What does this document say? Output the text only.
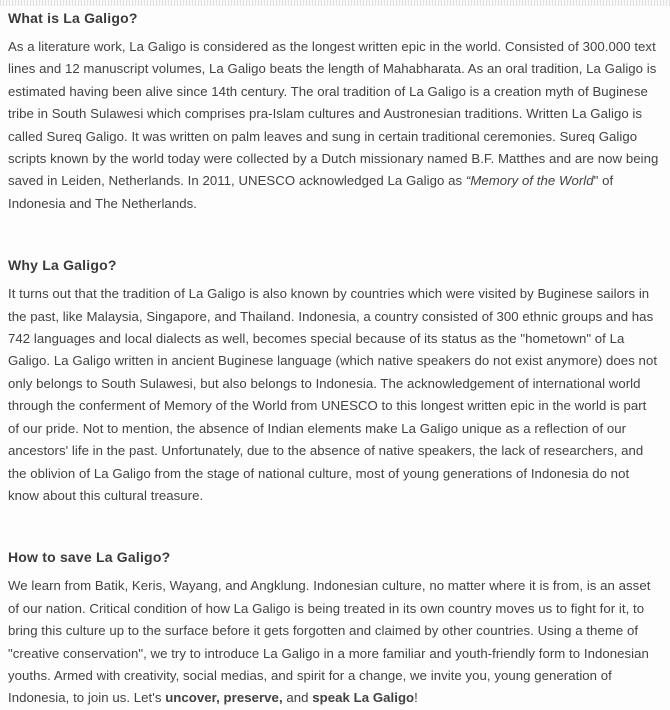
What is La Galigo?

As a literature work, La Galigo is considered as the longest written epic in the world. Consisted of 300.000 text lines and 12 manuscript volumes, La Galigo beats the length of Mahabharata. As an oral tradition, La Galigo is estimated having been alive since 14th century. The oral tradition of La Galigo is a creation myth of Buginese tribe in South Sulawesi which comprises pra-Islam cultures and Austronesian traditions. Written La Galigo is called Sureq Galigo. It was written on palm leaves and sung in certain traditional ceremonies. Sureq Galigo scripts known by the world today were collected by a Dutch missionary named B.F. Matthes and are now being saved in Leiden, Netherlands. In 2011, UNESCO acknowledged La Galigo as “Memory of the World" of Indonesia and The Netherlands.

Why La Galigo?

It turns out that the tradition of La Galigo is also known by countries which were visited by Buginese sailors in the past, like Malaysia, Singapore, and Thailand. Indonesia, a country consisted of 300 ethnic groups and has 742 languages and local dialects as well, becomes special because of its status as the "hometown" of La Galigo. La Galigo written in ancient Buginese language (which native speakers do not exist anymore) does not only belongs to South Sulawesi, but also belongs to Indonesia. The acknowledgement of international world through the conferment of Memory of the World from UNESCO to this longest written epic in the world is part of our pride. Not to mention, the absence of Indian elements make La Galigo unique as a reflection of our ancestors' life in the past. Unfortunately, due to the absence of native speakers, the lack of researchers, and the oblivion of La Galigo from the stage of national culture, most of young generations of Indonesia do not know about this cultural treasure.

How to save La Galigo?

We learn from Batik, Keris, Wayang, and Angklung. Indonesian culture, no matter where it is from, is an asset of our nation. Critical condition of how La Galigo is being treated in its own country moves us to fight for it, to bring this culture up to the surface before it gets forgotten and claimed by other countries. Using a theme of "creative conservation", we try to introduce La Galigo in a more familiar and youth-friendly form to Indonesian youths. Armed with creativity, social medias, and spirit for a change, we invite you, young generation of Indonesia, to join us. Let's uncover, preserve, and speak La Galigo!
